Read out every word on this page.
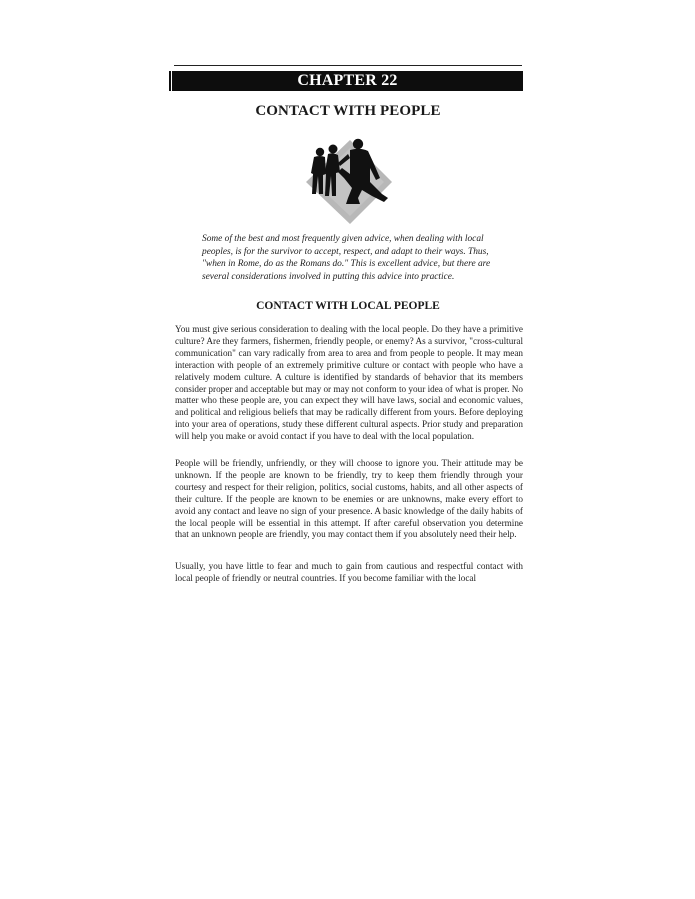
CHAPTER 22
CONTACT WITH PEOPLE
Some of the best and most frequently given advice, when dealing with local peoples, is for the survivor to accept, respect, and adapt to their ways. Thus, "when in Rome, do as the Romans do." This is excellent advice, but there are several considerations involved in putting this advice into practice.
CONTACT WITH LOCAL PEOPLE
You must give serious consideration to dealing with the local people. Do they have a primitive culture? Are they farmers, fishermen, friendly people, or enemy? As a survivor, "cross-cultural communication" can vary radically from area to area and from people to people. It may mean interaction with people of an extremely primitive culture or contact with people who have a relatively modem culture. A culture is identified by standards of behavior that its members consider proper and acceptable but may or may not conform to your idea of what is proper. No matter who these people are, you can expect they will have laws, social and economic values, and political and religious beliefs that may be radically different from yours. Before deploying into your area of operations, study these different cultural aspects. Prior study and preparation will help you make or avoid contact if you have to deal with the local population.
People will be friendly, unfriendly, or they will choose to ignore you. Their attitude may be unknown. If the people are known to be friendly, try to keep them friendly through your courtesy and respect for their religion, politics, social customs, habits, and all other aspects of their culture. If the people are known to be enemies or are unknowns, make every effort to avoid any contact and leave no sign of your presence. A basic knowledge of the daily habits of the local people will be essential in this attempt. If after careful observation you determine that an unknown people are friendly, you may contact them if you absolutely need their help.
Usually, you have little to fear and much to gain from cautious and respectful contact with local people of friendly or neutral countries. If you become familiar with the local
